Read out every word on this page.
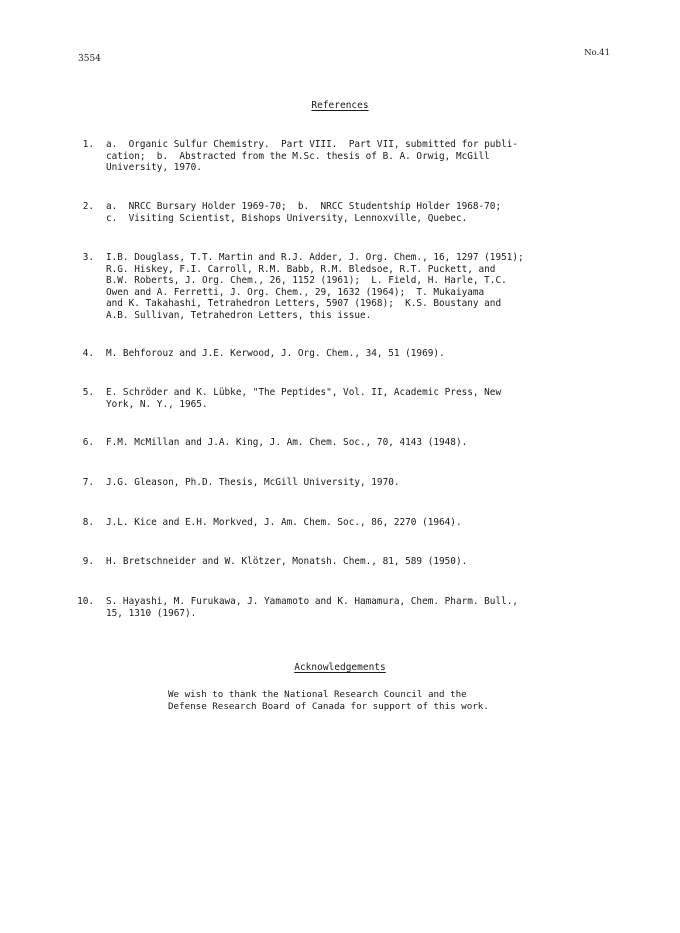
3554
No.41
References
1. a.  Organic Sulfur Chemistry.  Part VIII.  Part VII, submitted for publi-
cation;  b.  Abstracted from the M.Sc. thesis of B. A. Orwig, McGill
University, 1970.
2. a.  NRCC Bursary Holder 1969-70;  b.  NRCC Studentship Holder 1968-70;
c.  Visiting Scientist, Bishops University, Lennoxville, Quebec.
3. I.B. Douglass, T.T. Martin and R.J. Adder, J. Org. Chem., 16, 1297 (1951);
R.G. Hiskey, F.I. Carroll, R.M. Babb, R.M. Bledsoe, R.T. Puckett, and
B.W. Roberts, J. Org. Chem., 26, 1152 (1961);  L. Field, H. Harle, T.C.
Owen and A. Ferretti, J. Org. Chem., 29, 1632 (1964);  T. Mukaiyama
and K. Takahashi, Tetrahedron Letters, 5907 (1968);  K.S. Boustany and
A.B. Sullivan, Tetrahedron Letters, this issue.
4. M. Behforouz and J.E. Kerwood, J. Org. Chem., 34, 51 (1969).
5. E. Schröder and K. Lübke, "The Peptides", Vol. II, Academic Press, New
York, N. Y., 1965.
6. F.M. McMillan and J.A. King, J. Am. Chem. Soc., 70, 4143 (1948).
7. J.G. Gleason, Ph.D. Thesis, McGill University, 1970.
8. J.L. Kice and E.H. Morkved, J. Am. Chem. Soc., 86, 2270 (1964).
9. H. Bretschneider and W. Klötzer, Monatsh. Chem., 81, 589 (1950).
10. S. Hayashi, M. Furukawa, J. Yamamoto and K. Hamamura, Chem. Pharm. Bull.,
15, 1310 (1967).
Acknowledgements
We wish to thank the National Research Council and the
Defense Research Board of Canada for support of this work.
